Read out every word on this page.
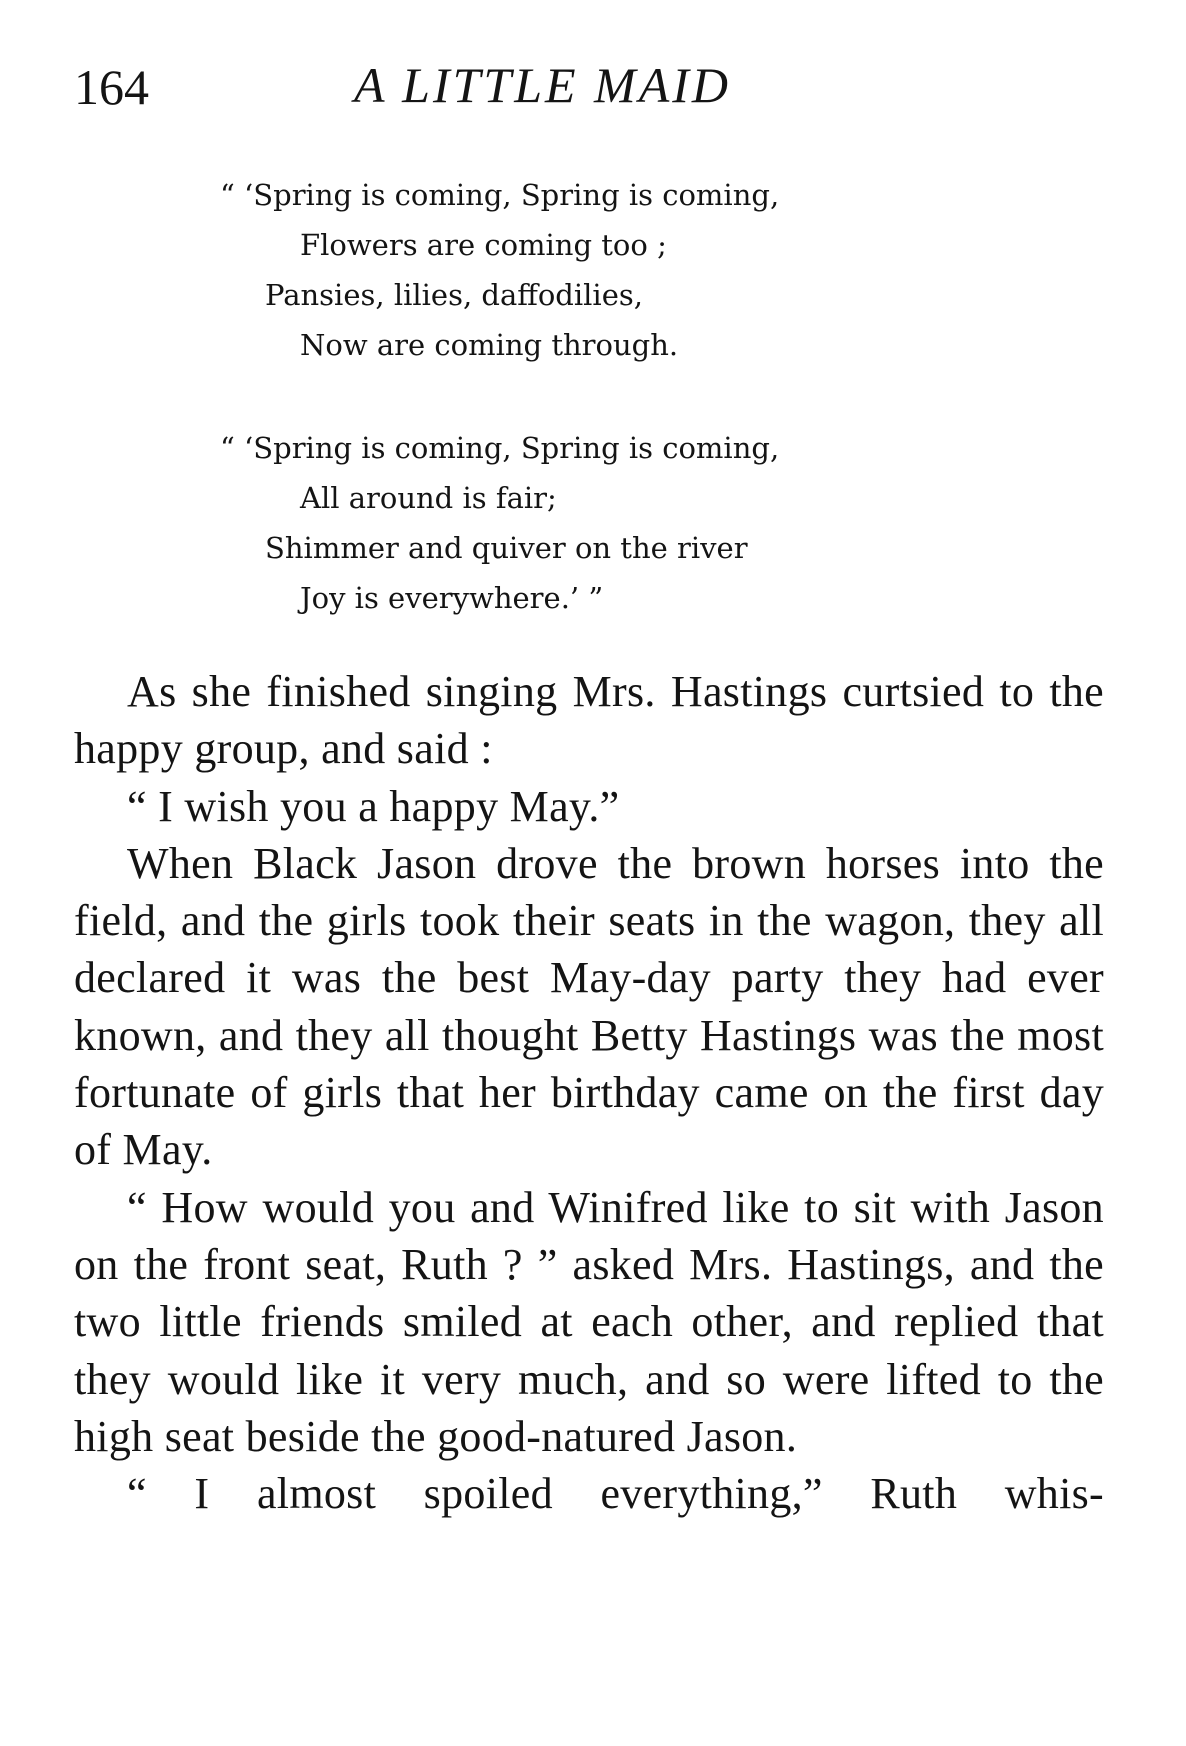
164	A LITTLE MAID
“ ‘Spring is coming, Spring is coming,
Flowers are coming too ;
Pansies, lilies, daffodilies,
Now are coming through.
“ ‘Spring is coming, Spring is coming,
All around is fair;
Shimmer and quiver on the river
Joy is everywhere.’ ”

As she finished singing Mrs. Hastings curtsied to the happy group, and said :

“ I wish you a happy May.”

When Black Jason drove the brown horses into the field, and the girls took their seats in the wagon, they all declared it was the best May-day party they had ever known, and they all thought Betty Hastings was the most fortunate of girls that her birthday came on the first day of May.

“ How would you and Winifred like to sit with Jason on the front seat, Ruth ? ” asked Mrs. Hastings, and the two little friends smiled at each other, and replied that they would like it very much, and so were lifted to the high seat beside the good-natured Jason.

“ I almost spoiled everything,” Ruth whis-
